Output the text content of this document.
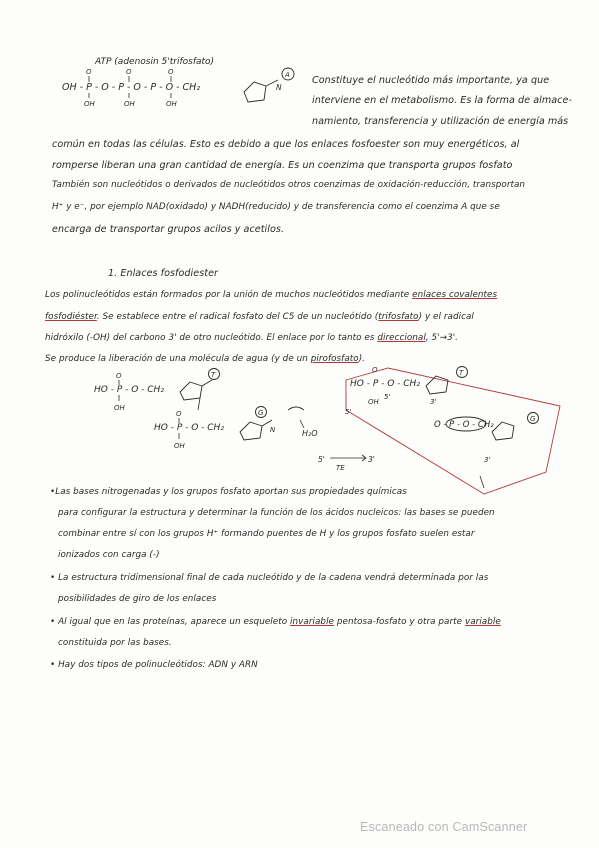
ATP (adenosin 5'trifosfato)
OH - P - O - P - O - P - O - CH₂
O	O	O
OH	OH	OH
N
A
HO - P - O - CH₂
O
OH
T
HO - P - O - CH₂
O
OH
G
N	H₂O
HO - P - O - CH₂
O
OH
T
5'
5'
3'
O - P - O - CH₂
G
3'
5'	3'
TE
Constituye el nucleótido más importante, ya que
interviene en el metabolismo. Es la forma de almace-
namiento, transferencia y utilización de energía más
común en todas las células. Esto es debido a que los enlaces fosfoester son muy energéticos, al
romperse liberan una gran cantidad de energía. Es un coenzima que transporta grupos fosfato
También son nucleótidos o derivados de nucleótidos otros coenzimas de oxidación-reducción, transportan
H⁺ y e⁻, por ejemplo NAD(oxidado) y NADH(reducido) y de transferencia como el coenzima A que se
encarga de transportar grupos acilos y acetilos.
1. Enlaces fosfodiester
Los polinucleótidos están formados por la unión de muchos nucleótidos mediante enlaces covalentes
fosfodiéster. Se establece entre el radical fosfato del C5 de un nucleótido (trifosfato) y el radical
hidróxilo (-OH) del carbono 3' de otro nucleótido. El enlace por lo tanto es direccional, 5'→3'.
Se produce la liberación de una molécula de agua (y de un pirofosfato).
•Las bases nitrogenadas y los grupos fosfato aportan sus propiedades químicas
para configurar la estructura y determinar la función de los ácidos nucleicos: las bases se pueden
combinar entre sí con los grupos H⁺ formando puentes de H y los grupos fosfato suelen estar
ionizados con carga (-)
• La estructura tridimensional final de cada nucleótido y de la cadena vendrá determinada por las
posibilidades de giro de los enlaces
• Al igual que en las proteínas, aparece un esqueleto invariable pentosa-fosfato y otra parte variable
constituida por las bases.
• Hay dos tipos de polinucleótidos: ADN y ARN
Escaneado con CamScanner
